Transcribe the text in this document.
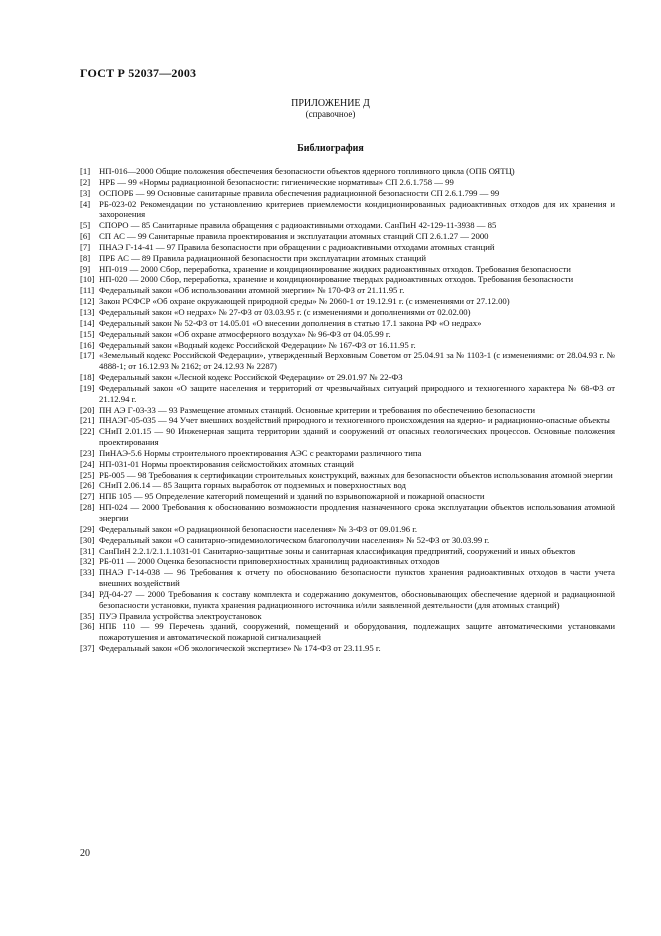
ГОСТ Р 52037—2003
ПРИЛОЖЕНИЕ Д
(справочное)
Библиография
[1]	НП-016—2000 Общие положения обеспечения безопасности объектов ядерного топливного цикла (ОПБ ОЯТЦ)
[2]	НРБ — 99 «Нормы радиационной безопасности: гигиенические нормативы» СП 2.6.1.758 — 99
[3]	ОСПОРБ — 99 Основные санитарные правила обеспечения радиационной безопасности СП 2.6.1.799 — 99
[4]	РБ-023-02 Рекомендации по установлению критериев приемлемости кондиционированных радиоактивных отходов для их хранения и захоронения
[5]	СПОРО — 85 Санитарные правила обращения с радиоактивными отходами. СанПиН 42-129-11-3938 — 85
[6]	СП АС — 99 Санитарные правила проектирования и эксплуатации атомных станций СП 2.6.1.27 — 2000
[7]	ПНАЭ Г-14-41 — 97 Правила безопасности при обращении с радиоактивными отходами атомных станций
[8]	ПРБ АС — 89 Правила радиационной безопасности при эксплуатации атомных станций
[9]	НП-019 — 2000 Сбор, переработка, хранение и кондиционирование жидких радиоактивных отходов. Требования безопасности
[10] НП-020 — 2000 Сбор, переработка, хранение и кондиционирование твердых радиоактивных отходов. Требования безопасности
[11] Федеральный закон «Об использовании атомной энергии» № 170-ФЗ от 21.11.95 г.
[12] Закон РСФСР «Об охране окружающей природной среды» № 2060-1 от 19.12.91 г. (с изменениями от 27.12.00)
[13] Федеральный закон «О недрах» № 27-ФЗ от 03.03.95 г. (с изменениями и дополнениями от 02.02.00)
[14] Федеральный закон № 52-ФЗ от 14.05.01 «О внесении дополнения в статью 17.1 закона РФ «О недрах»
[15] Федеральный закон «Об охране атмосферного воздуха» № 96-ФЗ от 04.05.99 г.
[16] Федеральный закон «Водный кодекс Российской Федерации» № 167-ФЗ от 16.11.95 г.
[17] «Земельный кодекс Российской Федерации», утвержденный Верховным Советом от 25.04.91 за № 1103-1 (с изменениями: от 28.04.93 г. № 4888-1; от 16.12.93 № 2162; от 24.12.93 № 2287)
[18] Федеральный закон «Лесной кодекс Российской Федерации» от 29.01.97 № 22-ФЗ
[19] Федеральный закон «О защите населения и территорий от чрезвычайных ситуаций природного и техногенного характера № 68-ФЗ от 21.12.94 г.
[20] ПН АЭ Г-03-33 — 93 Размещение атомных станций. Основные критерии и требования по обеспечению безопасности
[21] ПНАЭГ-05-035 — 94 Учет внешних воздействий природного и техногенного происхождения на ядерно- и радиационно-опасные объекты
[22] СНиП 2.01.15 — 90 Инженерная защита территории зданий и сооружений от опасных геологических процессов. Основные положения проектирования
[23] ПиНАЭ-5.6 Нормы строительного проектирования АЭС с реакторами различного типа
[24] НП-031-01 Нормы проектирования сейсмостойких атомных станций
[25] РБ-005 — 98 Требования к сертификации строительных конструкций, важных для безопасности объектов использования атомной энергии
[26] СНиП 2.06.14 — 85 Защита горных выработок от подземных и поверхностных вод
[27] НПБ 105 — 95 Определение категорий помещений и зданий по взрывопожарной и пожарной опасности
[28] НП-024 — 2000 Требования к обоснованию возможности продления назначенного срока эксплуатации объектов использования атомной энергии
[29] Федеральный закон «О радиационной безопасности населения» № 3-ФЗ от 09.01.96 г.
[30] Федеральный закон «О санитарно-эпидемиологическом благополучии населения» № 52-ФЗ от 30.03.99 г.
[31] СанПиН 2.2.1/2.1.1.1031-01 Санитарно-защитные зоны и санитарная классификация предприятий, сооружений и иных объектов
[32] РБ-011 — 2000 Оценка безопасности приповерхностных хранилищ радиоактивных отходов
[33] ПНАЭ Г-14-038 — 96 Требования к отчету по обоснованию безопасности пунктов хранения радиоактивных отходов в части учета внешних воздействий
[34] РД-04-27 — 2000 Требования к составу комплекта и содержанию документов, обосновывающих обеспечение ядерной и радиационной безопасности установки, пункта хранения радиационного источника и/или заявленной деятельности (для атомных станций)
[35] ПУЭ Правила устройства электроустановок
[36] НПБ 110 — 99 Перечень зданий, сооружений, помещений и оборудования, подлежащих защите автоматическими установками пожаротушения и автоматической пожарной сигнализацией
[37] Федеральный закон «Об экологической экспертизе» № 174-ФЗ от 23.11.95 г.
20
